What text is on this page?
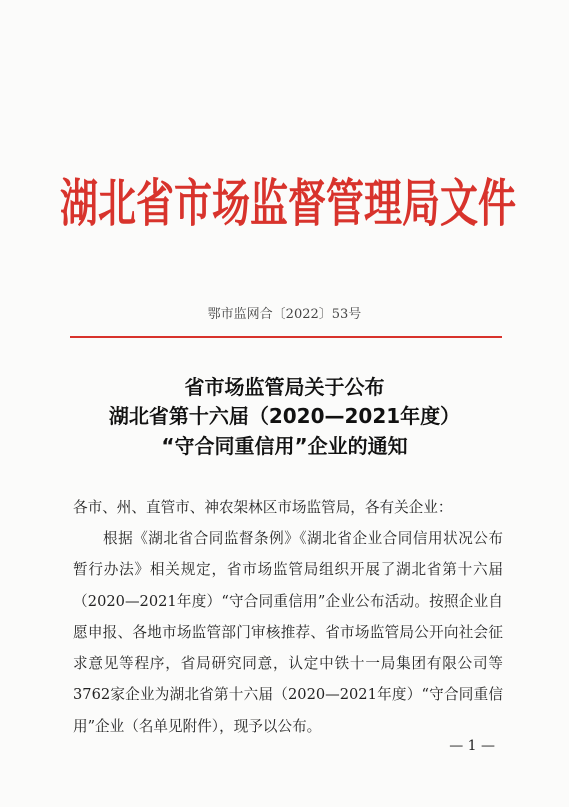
湖北省市场监督管理局文件
鄂市监网合〔2022〕53号
省市场监管局关于公布
湖北省第十六届（2020—2021年度）
“守合同重信用”企业的通知
各市、州、直管市、神农架林区市场监管局，各有关企业：
根据《湖北省合同监督条例》《湖北省企业合同信用状况公布暂行办法》相关规定，省市场监管局组织开展了湖北省第十六届（2020—2021年度）“守合同重信用”企业公布活动。按照企业自愿申报、各地市场监管部门审核推荐、省市场监管局公开向社会征求意见等程序，省局研究同意，认定中铁十一局集团有限公司等3762家企业为湖北省第十六届（2020—2021年度）“守合同重信用”企业（名单见附件），现予以公布。
— 1 —
